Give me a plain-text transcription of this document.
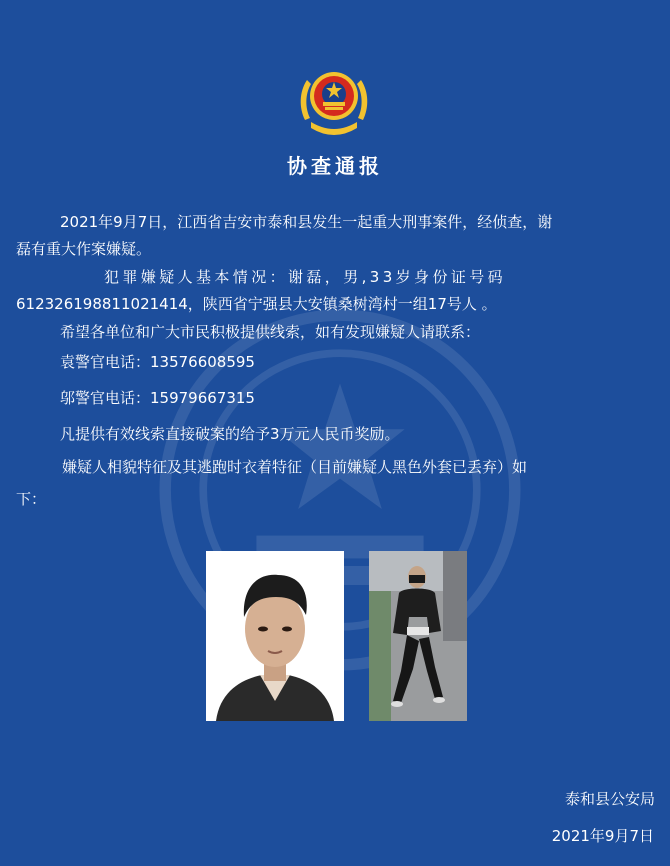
协查通报
2021年9月7日，江西省吉安市泰和县发生一起重大刑事案件，经侦查，谢
磊有重大作案嫌疑。
犯罪嫌疑人基本情况：谢磊，男,33岁身份证号码
612326198811021414，陕西省宁强县大安镇桑树湾村一组17号人 。
希望各单位和广大市民积极提供线索，如有发现嫌疑人请联系：
袁警官电话：13576608595
邬警官电话：15979667315
凡提供有效线索直接破案的给予3万元人民币奖励。
嫌疑人相貌特征及其逃跑时衣着特征（目前嫌疑人黑色外套已丢弃）如
下：
泰和县公安局
2021年9月7日
